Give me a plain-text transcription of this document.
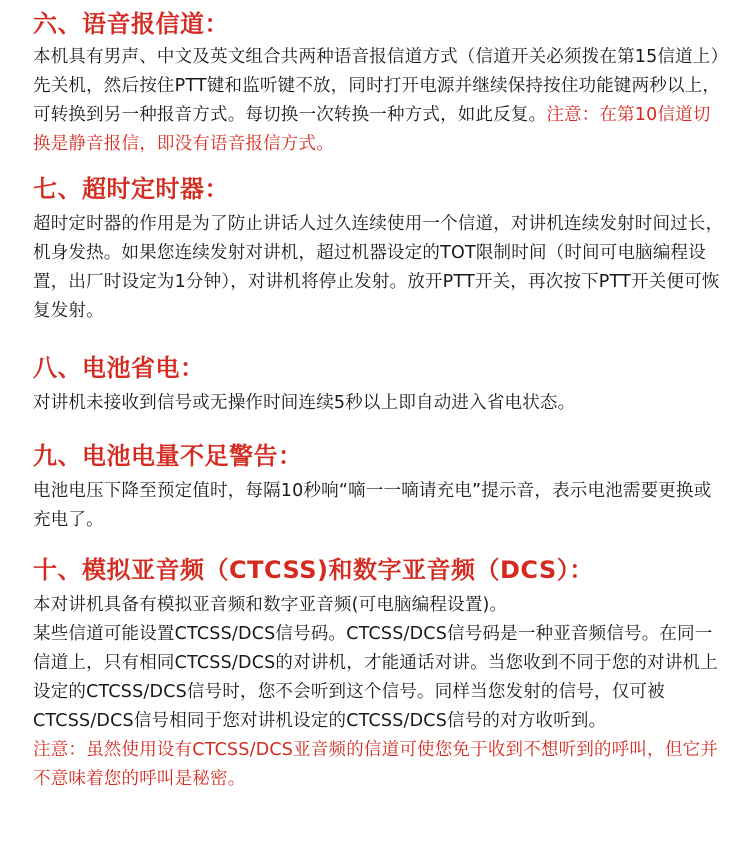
六、语音报信道：

本机具有男声、中文及英文组合共两种语音报信道方式（信道开关必须拨在第15信道上）先关机，然后按住PTT键和监听键不放，同时打开电源并继续保持按住功能键两秒以上，可转换到另一种报音方式。每切换一次转换一种方式，如此反复。注意：在第10信道切换是静音报信，即没有语音报信方式。

七、超时定时器：

超时定时器的作用是为了防止讲话人过久连续使用一个信道，对讲机连续发射时间过长，机身发热。如果您连续发射对讲机，超过机器设定的TOT限制时间（时间可电脑编程设置，出厂时设定为1分钟），对讲机将停止发射。放开PTT开关，再次按下PTT开关便可恢复发射。

八、电池省电：

对讲机未接收到信号或无操作时间连续5秒以上即自动进入省电状态。

九、电池电量不足警告：

电池电压下降至预定值时，每隔10秒响“嘀一一嘀请充电”提示音，表示电池需要更换或充电了。

十、模拟亚音频（CTCSS)和数字亚音频（DCS）：

本对讲机具备有模拟亚音频和数字亚音频(可电脑编程设置)。

某些信道可能设置CTCSS/DCS信号码。CTCSS/DCS信号码是一种亚音频信号。在同一信道上，只有相同CTCSS/DCS的对讲机，才能通话对讲。当您收到不同于您的对讲机上设定的CTCSS/DCS信号时，您不会听到这个信号。同样当您发射的信号，仅可被CTCSS/DCS信号相同于您对讲机设定的CTCSS/DCS信号的对方收听到。

注意：虽然使用设有CTCSS/DCS亚音频的信道可使您免于收到不想听到的呼叫，但它并不意味着您的呼叫是秘密。
